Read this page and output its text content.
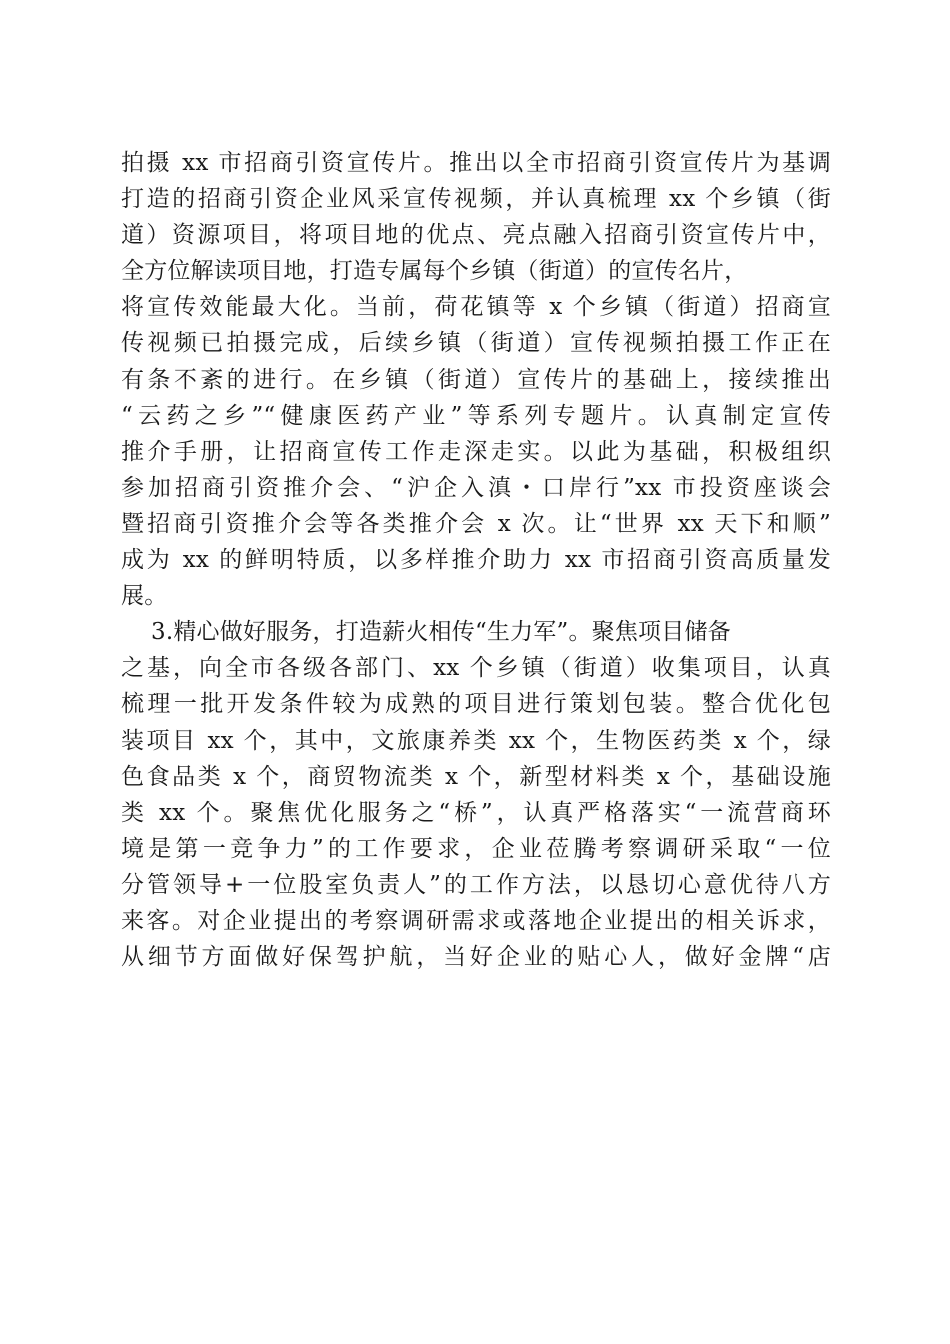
拍摄 xx 市招商引资宣传片。推出以全市招商引资宣传片为基调
打造的招商引资企业风采宣传视频，并认真梳理 xx 个乡镇（街
道）资源项目，将项目地的优点、亮点融入招商引资宣传片中，
全方位解读项目地，打造专属每个乡镇（街道）的宣传名片，
将宣传效能最大化。当前，荷花镇等 x 个乡镇（街道）招商宣
传视频已拍摄完成，后续乡镇（街道）宣传视频拍摄工作正在
有条不紊的进行。在乡镇（街道）宣传片的基础上，接续推出
“云药之乡”“健康医药产业”等系列专题片。认真制定宣传
推介手册，让招商宣传工作走深走实。以此为基础，积极组织
参加招商引资推介会、“沪企入滇・口岸行”xx 市投资座谈会
暨招商引资推介会等各类推介会 x 次。让“世界 xx 天下和顺”
成为 xx 的鲜明特质，以多样推介助力 xx 市招商引资高质量发
展。
3.精心做好服务，打造薪火相传“生力军”。聚焦项目储备
之基，向全市各级各部门、xx 个乡镇（街道）收集项目，认真
梳理一批开发条件较为成熟的项目进行策划包装。整合优化包
装项目 xx 个，其中，文旅康养类 xx 个，生物医药类 x 个，绿
色食品类 x 个，商贸物流类 x 个，新型材料类 x 个，基础设施
类 xx 个。聚焦优化服务之“桥”，认真严格落实“一流营商环
境是第一竞争力”的工作要求，企业莅腾考察调研采取“一位
分管领导+一位股室负责人”的工作方法，以恳切心意优待八方
来客。对企业提出的考察调研需求或落地企业提出的相关诉求，
从细节方面做好保驾护航，当好企业的贴心人，做好金牌“店
